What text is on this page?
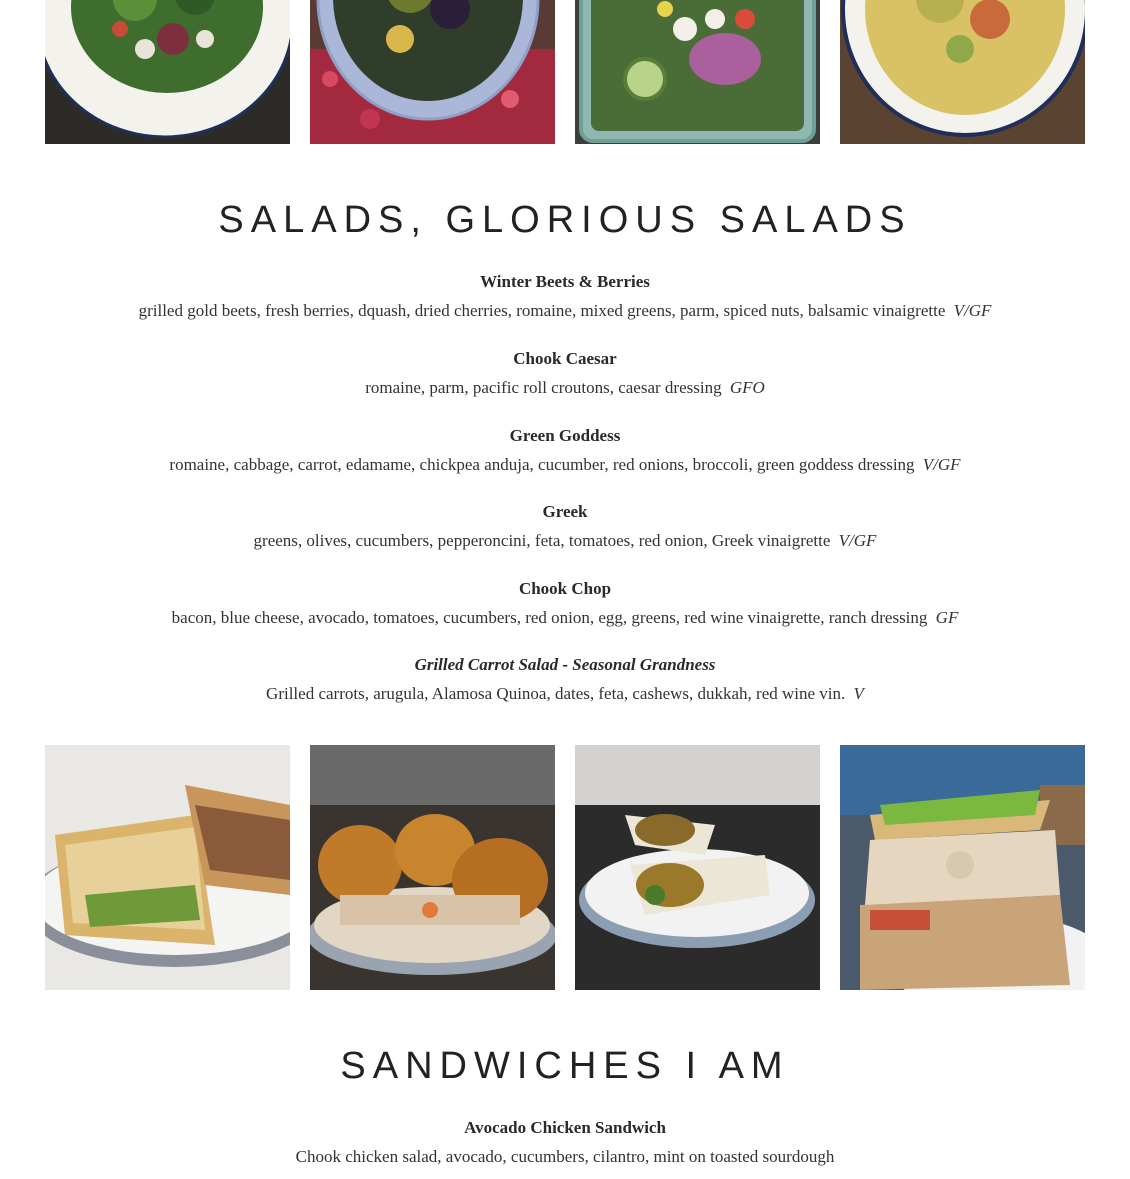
SALADS, GLORIOUS SALADS
Winter Beets & Berries
grilled gold beets, fresh berries, dquash, dried cherries, romaine, mixed greens, parm, spiced nuts, balsamic vinaigrette V/GF
Chook Caesar
romaine, parm, pacific roll croutons, caesar dressing GFO
Green Goddess
romaine, cabbage, carrot, edamame, chickpea anduja, cucumber, red onions, broccoli, green goddess dressing V/GF
Greek
greens, olives, cucumbers, pepperoncini, feta, tomatoes, red onion, Greek vinaigrette V/GF
Chook Chop
bacon, blue cheese, avocado, tomatoes, cucumbers, red onion, egg, greens, red wine vinaigrette, ranch dressing GF
Grilled Carrot Salad - Seasonal Grandness
Grilled carrots, arugula, Alamosa Quinoa, dates, feta, cashews, dukkah, red wine vin. V
SANDWICHES I AM
Avocado Chicken Sandwich
Chook chicken salad, avocado, cucumbers, cilantro, mint on toasted sourdough
